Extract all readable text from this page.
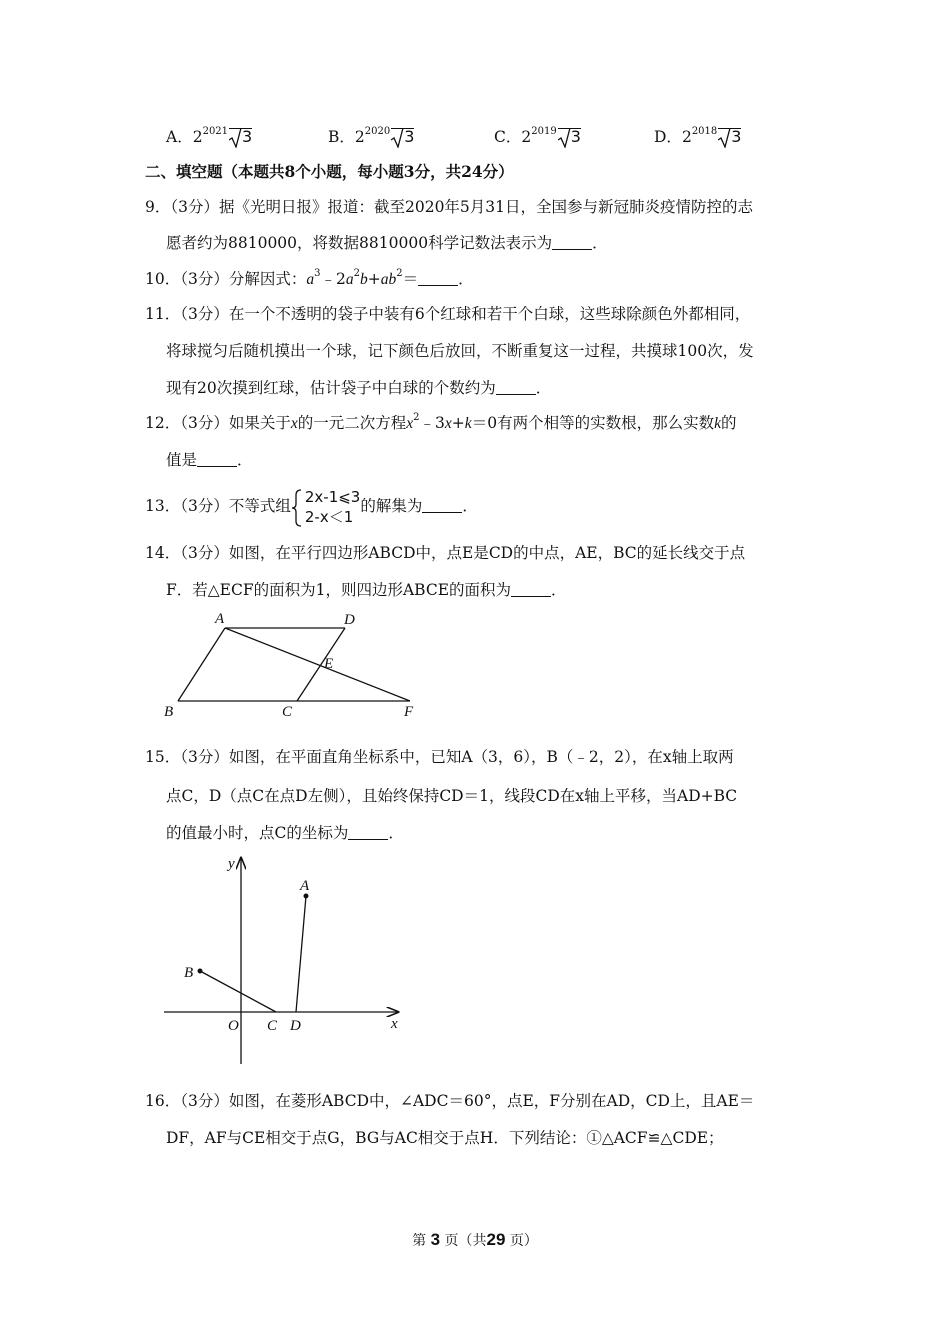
A．$2^{2021}$ 3	B．$2^{2020}$ 3	C．$2^{2019}$ 3	D．$2^{2018}$ 3
二、填空题（本题共8个小题，每小题3分，共24分）
9．（3分）据《光明日报》报道：截至2020年5月31日，全国参与新冠肺炎疫情防控的志
愿者约为8810000，将数据8810000科学记数法表示为	．
10．（3分）分解因式：$a^3﹣2a^2b+ab^2=$	．
11．（3分）在一个不透明的袋子中装有6个红球和若干个白球，这些球除颜色外都相同，
将球搅匀后随机摸出一个球，记下颜色后放回，不断重复这一过程，共摸球100次，发
现有20次摸到红球，估计袋子中白球的个数约为	．
12．（3分）如果关于x的一元二次方程$x^2﹣3x+k=0$有两个相等的实数根，那么实数k的
值是	．
13．（3分）不等式组 2x-1⩽3
2-x＜1
的解集为	．
14．（3分）如图，在平行四边形ABCD中，点E是CD的中点，AE，BC的延长线交于点
F．若△ECF的面积为1，则四边形ABCE的面积为	．
A	D
E
B	C	F
15．（3分）如图，在平面直角坐标系中，已知A（3，6），B（﹣2，2），在x轴上取两
点C，D（点C在点D左侧），且始终保持CD＝1，线段CD在x轴上平移，当AD+BC
的值最小时，点C的坐标为	．
y
A
B
O C D	x
16．（3分）如图，在菱形ABCD中，∠ADC＝60°，点E，F分别在AD，CD上，且AE＝
DF，AF与CE相交于点G，BG与AC相交于点H．下列结论：①△ACF≌△CDE；
第 3 页（共29 页）
